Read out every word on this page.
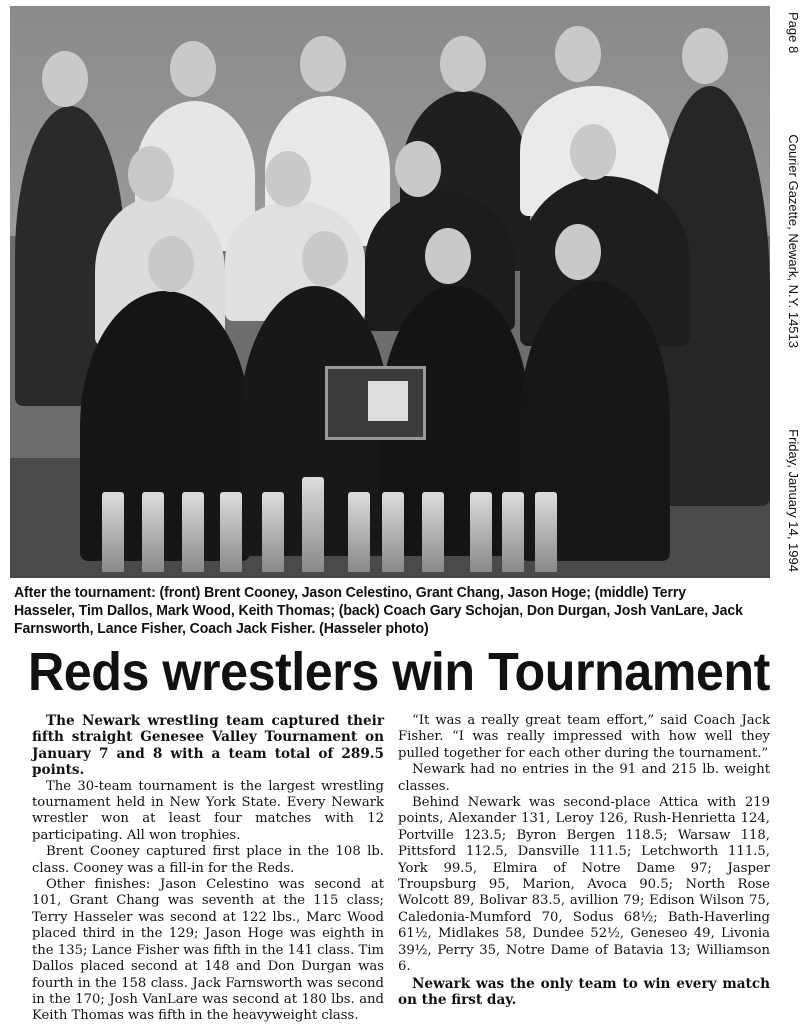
Page 8
Courier Gazette, Newark, N.Y. 14513
Friday, January 14, 1994
After the tournament: (front) Brent Cooney, Jason Celestino, Grant Chang, Jason Hoge; (middle) Terry Hasseler, Tim Dallos, Mark Wood, Keith Thomas; (back) Coach Gary Schojan, Don Durgan, Josh VanLare, Jack Farnsworth, Lance Fisher, Coach Jack Fisher. (Hasseler photo)
Reds wrestlers win Tournament

The Newark wrestling team captured their fifth straight Genesee Valley Tournament on January 7 and 8 with a team total of 289.5 points.

The 30-team tournament is the largest wrestling tournament held in New York State. Every Newark wrestler won at least four matches with 12 participating. All won trophies.

Brent Cooney captured first place in the 108 lb. class. Cooney was a fill-in for the Reds.

Other finishes: Jason Celestino was second at 101, Grant Chang was seventh at the 115 class; Terry Hasseler was second at 122 lbs., Marc Wood placed third in the 129; Jason Hoge was eighth in the 135; Lance Fisher was fifth in the 141 class. Tim Dallos placed second at 148 and Don Durgan was fourth in the 158 class. Jack Farnsworth was second in the 170; Josh VanLare was second at 180 lbs. and Keith Thomas was fifth in the heavyweight class.

“It was a really great team effort,” said Coach Jack Fisher. “I was really impressed with how well they pulled together for each other during the tournament.”

Newark had no entries in the 91 and 215 lb. weight classes.

Behind Newark was second-place Attica with 219 points, Alexander 131, Leroy 126, Rush-Henrietta 124, Portville 123.5; Byron Bergen 118.5; Warsaw 118, Pittsford 112.5, Dansville 111.5; Letchworth 111.5, York 99.5, Elmira of Notre Dame 97; Jasper Troupsburg 95, Marion, Avoca 90.5; North Rose Wolcott 89, Bolivar 83.5, avillion 79; Edison Wilson 75, Caledonia-Mumford 70, Sodus 68½; Bath-Haverling 61½, Midlakes 58, Dundee 52½, Geneseo 49, Livonia 39½, Perry 35, Notre Dame of Batavia 13; Williamson 6.

Newark was the only team to win every match on the first day.
